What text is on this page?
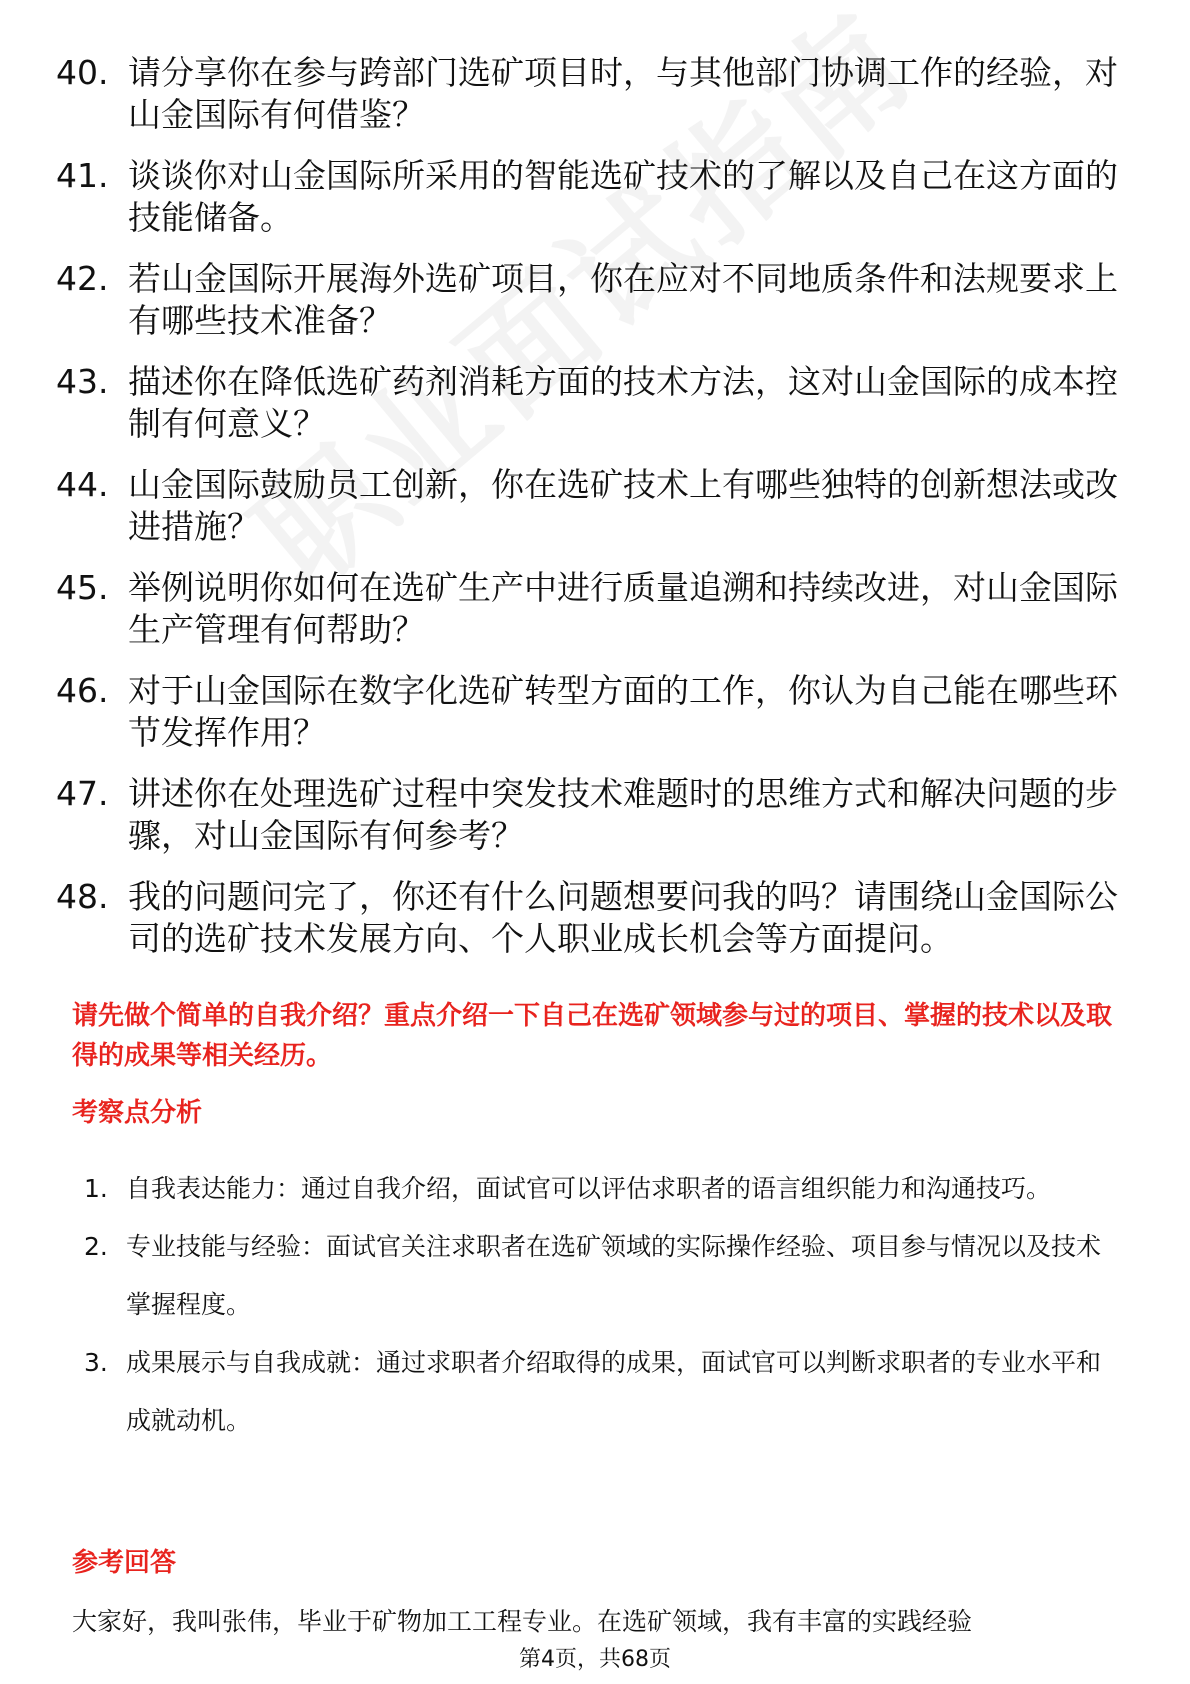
40. 请分享你在参与跨部门选矿项目时，与其他部门协调工作的经验，对山金国际有何借鉴？
41. 谈谈你对山金国际所采用的智能选矿技术的了解以及自己在这方面的技能储备。
42. 若山金国际开展海外选矿项目，你在应对不同地质条件和法规要求上有哪些技术准备？
43. 描述你在降低选矿药剂消耗方面的技术方法，这对山金国际的成本控制有何意义？
44. 山金国际鼓励员工创新，你在选矿技术上有哪些独特的创新想法或改进措施？
45. 举例说明你如何在选矿生产中进行质量追溯和持续改进，对山金国际生产管理有何帮助？
46. 对于山金国际在数字化选矿转型方面的工作，你认为自己能在哪些环节发挥作用？
47. 讲述你在处理选矿过程中突发技术难题时的思维方式和解决问题的步骤，对山金国际有何参考？
48. 我的问题问完了，你还有什么问题想要问我的吗？请围绕山金国际公司的选矿技术发展方向、个人职业成长机会等方面提问。
请先做个简单的自我介绍？重点介绍一下自己在选矿领域参与过的项目、掌握的技术以及取得的成果等相关经历。
考察点分析
1. 自我表达能力：通过自我介绍，面试官可以评估求职者的语言组织能力和沟通技巧。
2. 专业技能与经验：面试官关注求职者在选矿领域的实际操作经验、项目参与情况以及技术掌握程度。
3. 成果展示与自我成就：通过求职者介绍取得的成果，面试官可以判断求职者的专业水平和成就动机。
参考回答
大家好，我叫张伟，毕业于矿物加工工程专业。在选矿领域，我有丰富的实践经验
第4页，共68页
